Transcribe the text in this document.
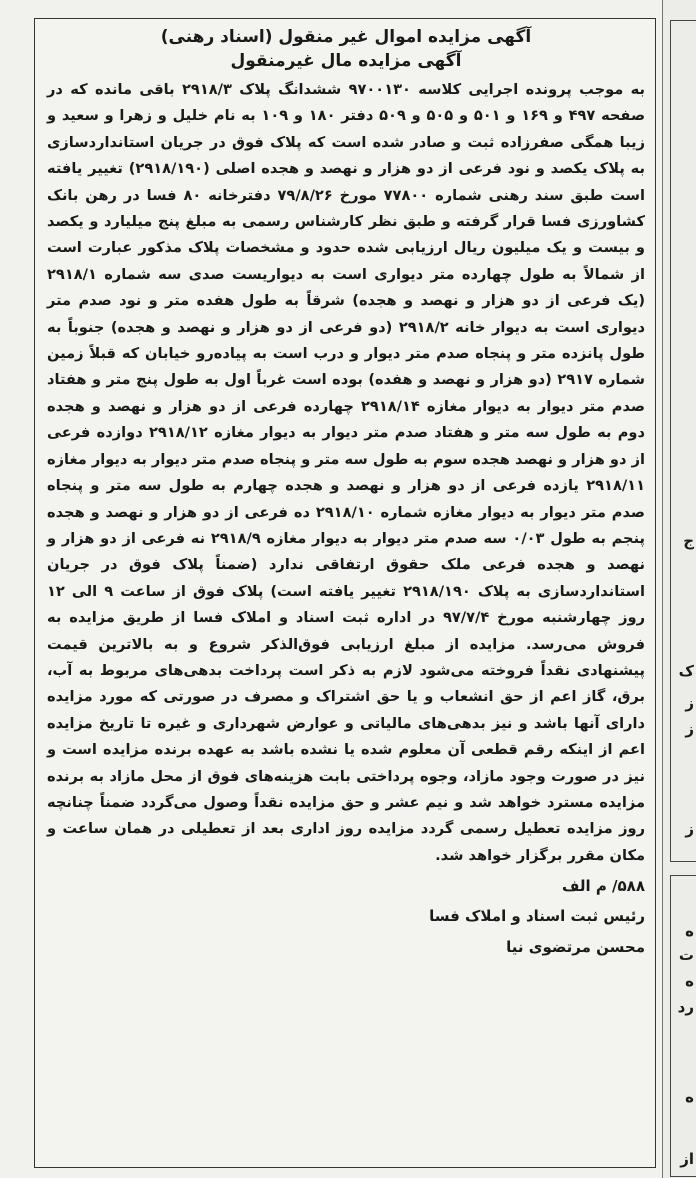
آگهی مزایده اموال غیر منقول (اسناد رهنی)

آگهی مزایده مال غیرمنقول

به موجب پرونده اجرایی کلاسه ۹۷۰۰۱۳۰ ششدانگ پلاک ۲۹۱۸/۳ باقی مانده که در صفحه ۴۹۷ و ۱۶۹ و ۵۰۱ و ۵۰۵ و ۵۰۹ دفتر ۱۸۰ و ۱۰۹ به نام خلیل و زهرا و سعید و زیبا همگی صفرزاده ثبت و صادر شده است که پلاک فوق در جریان استانداردسازی به پلاک یکصد و نود فرعی از دو هزار و نهصد و هجده اصلی (۲۹۱۸/۱۹۰) تغییر یافته است طبق سند رهنی شماره ۷۷۸۰۰ مورخ ۷۹/۸/۲۶ دفترخانه ۸۰ فسا در رهن بانک کشاورزی فسا قرار گرفته و طبق نظر کارشناس رسمی به مبلغ پنج میلیارد و یکصد و بیست و یک میلیون ریال ارزیابی شده حدود و مشخصات پلاک مذکور عبارت است از شمالاً به طول چهارده متر دیواری است به دیواریست صدی سه شماره ۲۹۱۸/۱ (یک فرعی از دو هزار و نهصد و هجده) شرقاً به طول هفده متر و نود صدم متر دیواری است به دیوار خانه ۲۹۱۸/۲ (دو فرعی از دو هزار و نهصد و هجده) جنوباً به طول پانزده متر و پنجاه صدم متر دیوار و درب است به پیاده‌رو خیابان که قبلاً زمین شماره ۲۹۱۷ (دو هزار و نهصد و هفده) بوده است غرباً اول به طول پنج متر و هفتاد صدم متر دیوار به دیوار مغازه ۲۹۱۸/۱۴ چهارده فرعی از دو هزار و نهصد و هجده دوم به طول سه متر و هفتاد صدم متر دیوار به دیوار مغازه ۲۹۱۸/۱۲ دوازده فرعی از دو هزار و نهصد هجده سوم به طول سه متر و پنجاه صدم متر دیوار به دیوار مغازه ۲۹۱۸/۱۱ یازده فرعی از دو هزار و نهصد و هجده چهارم به طول سه متر و پنجاه صدم متر دیوار به دیوار مغازه شماره ۲۹۱۸/۱۰ ده فرعی از دو هزار و نهصد و هجده پنجم به طول ۰/۰۳ سه صدم متر دیوار به دیوار مغازه ۲۹۱۸/۹ نه فرعی از دو هزار و نهصد و هجده فرعی ملک حقوق ارتفاقی ندارد (ضمناً پلاک فوق در جریان استانداردسازی به پلاک ۲۹۱۸/۱۹۰ تغییر یافته است) پلاک فوق از ساعت ۹ الی ۱۲ روز چهارشنبه مورخ ۹۷/۷/۴ در اداره ثبت اسناد و املاک فسا از طریق مزایده به فروش می‌رسد. مزایده از مبلغ ارزیابی فوق‌الذکر شروع و به بالاترین قیمت پیشنهادی نقداً فروخته می‌شود لازم به ذکر است پرداخت بدهی‌های مربوط به آب، برق، گاز اعم از حق انشعاب و یا حق اشتراک و مصرف در صورتی که مورد مزایده دارای آنها باشد و نیز بدهی‌های مالیاتی و عوارض شهرداری و غیره تا تاریخ مزایده اعم از اینکه رقم قطعی آن معلوم شده یا نشده باشد به عهده برنده مزایده است و نیز در صورت وجود مازاد، وجوه پرداختی بابت هزینه‌های فوق از محل مازاد به برنده مزایده مسترد خواهد شد و نیم عشر و حق مزایده نقداً وصول می‌گردد ضمناً چنانچه روز مزایده تعطیل رسمی گردد مزایده روز اداری بعد از تعطیلی در همان ساعت و مکان مقرر برگزار خواهد شد.
۵۸۸/ م الف
رئیس ثبت اسناد و املاک فسا
محسن مرتضوی نیا
ج
ک
ز
ز
ز
ه
ت
ه
رد
ه
از
